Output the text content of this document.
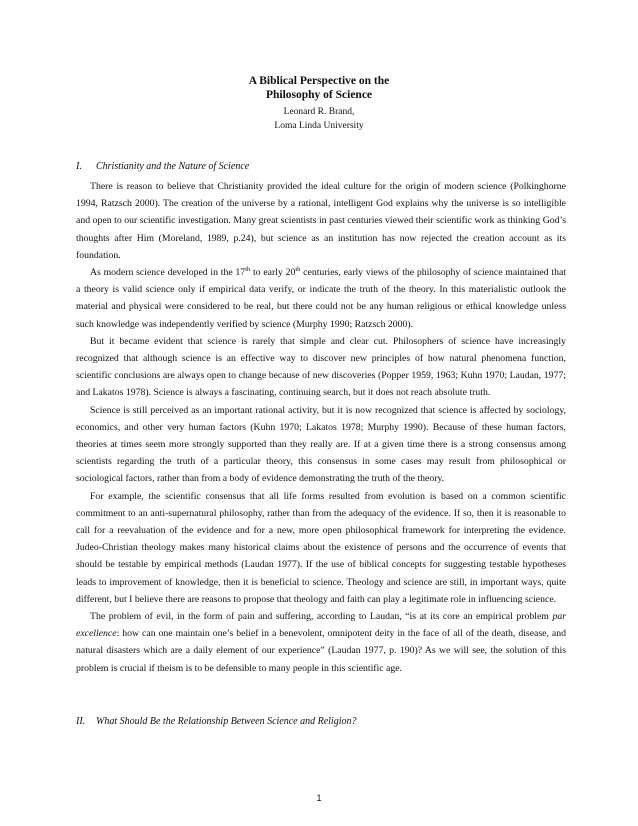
A Biblical Perspective on the
Philosophy of Science
Leonard R. Brand,
Loma Linda University
I. Christianity and the Nature of Science

There is reason to believe that Christianity provided the ideal culture for the origin of modern science (Polkinghorne 1994, Ratzsch 2000). The creation of the universe by a rational, intelligent God explains why the universe is so intelligible and open to our scientific investigation. Many great scientists in past centuries viewed their scientific work as thinking God’s thoughts after Him (Moreland, 1989, p.24), but science as an institution has now rejected the creation account as its foundation.

As modern science developed in the 17th to early 20th centuries, early views of the philosophy of science maintained that a theory is valid science only if empirical data verify, or indicate the truth of the theory. In this materialistic outlook the material and physical were considered to be real, but there could not be any human religious or ethical knowledge unless such knowledge was independently verified by science (Murphy 1990; Ratzsch 2000).

But it became evident that science is rarely that simple and clear cut. Philosophers of science have increasingly recognized that although science is an effective way to discover new principles of how natural phenomena function, scientific conclusions are always open to change because of new discoveries (Popper 1959, 1963; Kuhn 1970; Laudan, 1977; and Lakatos 1978). Science is always a fascinating, continuing search, but it does not reach absolute truth.

Science is still perceived as an important rational activity, but it is now recognized that science is affected by sociology, economics, and other very human factors (Kuhn 1970; Lakatos 1978; Murphy 1990). Because of these human factors, theories at times seem more strongly supported than they really are. If at a given time there is a strong consensus among scientists regarding the truth of a particular theory, this consensus in some cases may result from philosophical or sociological factors, rather than from a body of evidence demonstrating the truth of the theory.

For example, the scientific consensus that all life forms resulted from evolution is based on a common scientific commitment to an anti-supernatural philosophy, rather than from the adequacy of the evidence. If so, then it is reasonable to call for a reevaluation of the evidence and for a new, more open philosophical framework for interpreting the evidence. Judeo-Christian theology makes many historical claims about the existence of persons and the occurrence of events that should be testable by empirical methods (Laudan 1977). If the use of biblical concepts for suggesting testable hypotheses leads to improvement of knowledge, then it is beneficial to science. Theology and science are still, in important ways, quite different, but I believe there are reasons to propose that theology and faith can play a legitimate role in influencing science.

The problem of evil, in the form of pain and suffering, according to Laudan, “is at its core an empirical problem par excellence: how can one maintain one’s belief in a benevolent, omnipotent deity in the face of all of the death, disease, and natural disasters which are a daily element of our experience” (Laudan 1977, p. 190)? As we will see, the solution of this problem is crucial if theism is to be defensible to many people in this scientific age.

II. What Should Be the Relationship Between Science and Religion?
1
